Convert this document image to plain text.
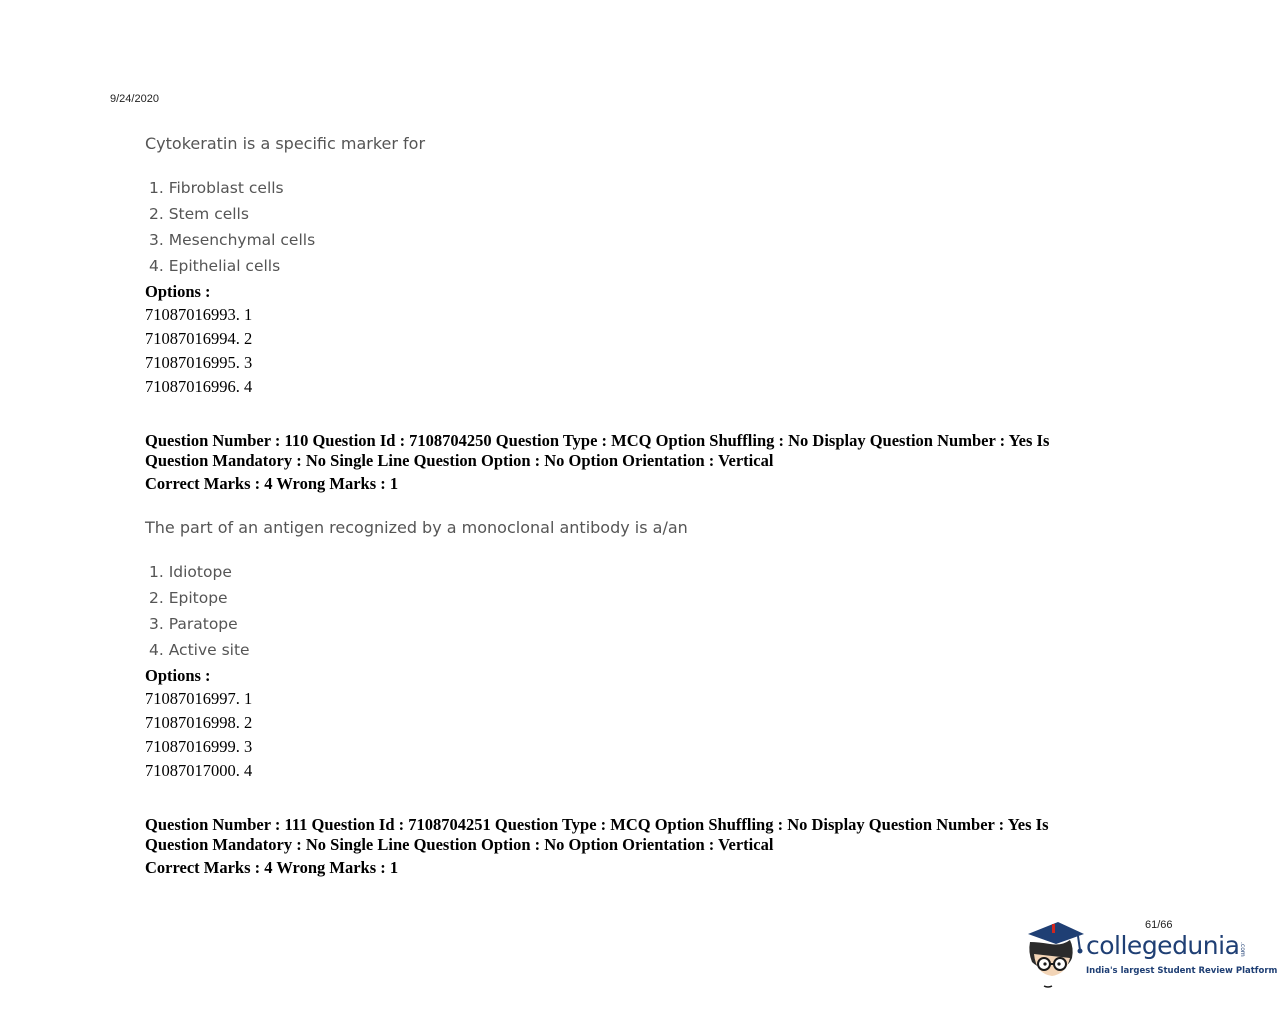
9/24/2020
Cytokeratin is a specific marker for
1. Fibroblast cells
2. Stem cells
3. Mesenchymal cells
4. Epithelial cells
Options :
71087016993. 1
71087016994. 2
71087016995. 3
71087016996. 4
Question Number : 110 Question Id : 7108704250 Question Type : MCQ Option Shuffling : No Display Question Number : Yes Is
Question Mandatory : No Single Line Question Option : No Option Orientation : Vertical
Correct Marks : 4 Wrong Marks : 1
The part of an antigen recognized by a monoclonal antibody is a/an
1. Idiotope
2. Epitope
3. Paratope
4. Active site
Options :
71087016997. 1
71087016998. 2
71087016999. 3
71087017000. 4
Question Number : 111 Question Id : 7108704251 Question Type : MCQ Option Shuffling : No Display Question Number : Yes Is
Question Mandatory : No Single Line Question Option : No Option Orientation : Vertical
Correct Marks : 4 Wrong Marks : 1
61/66
collegedunia .com
India's largest Student Review Platform
